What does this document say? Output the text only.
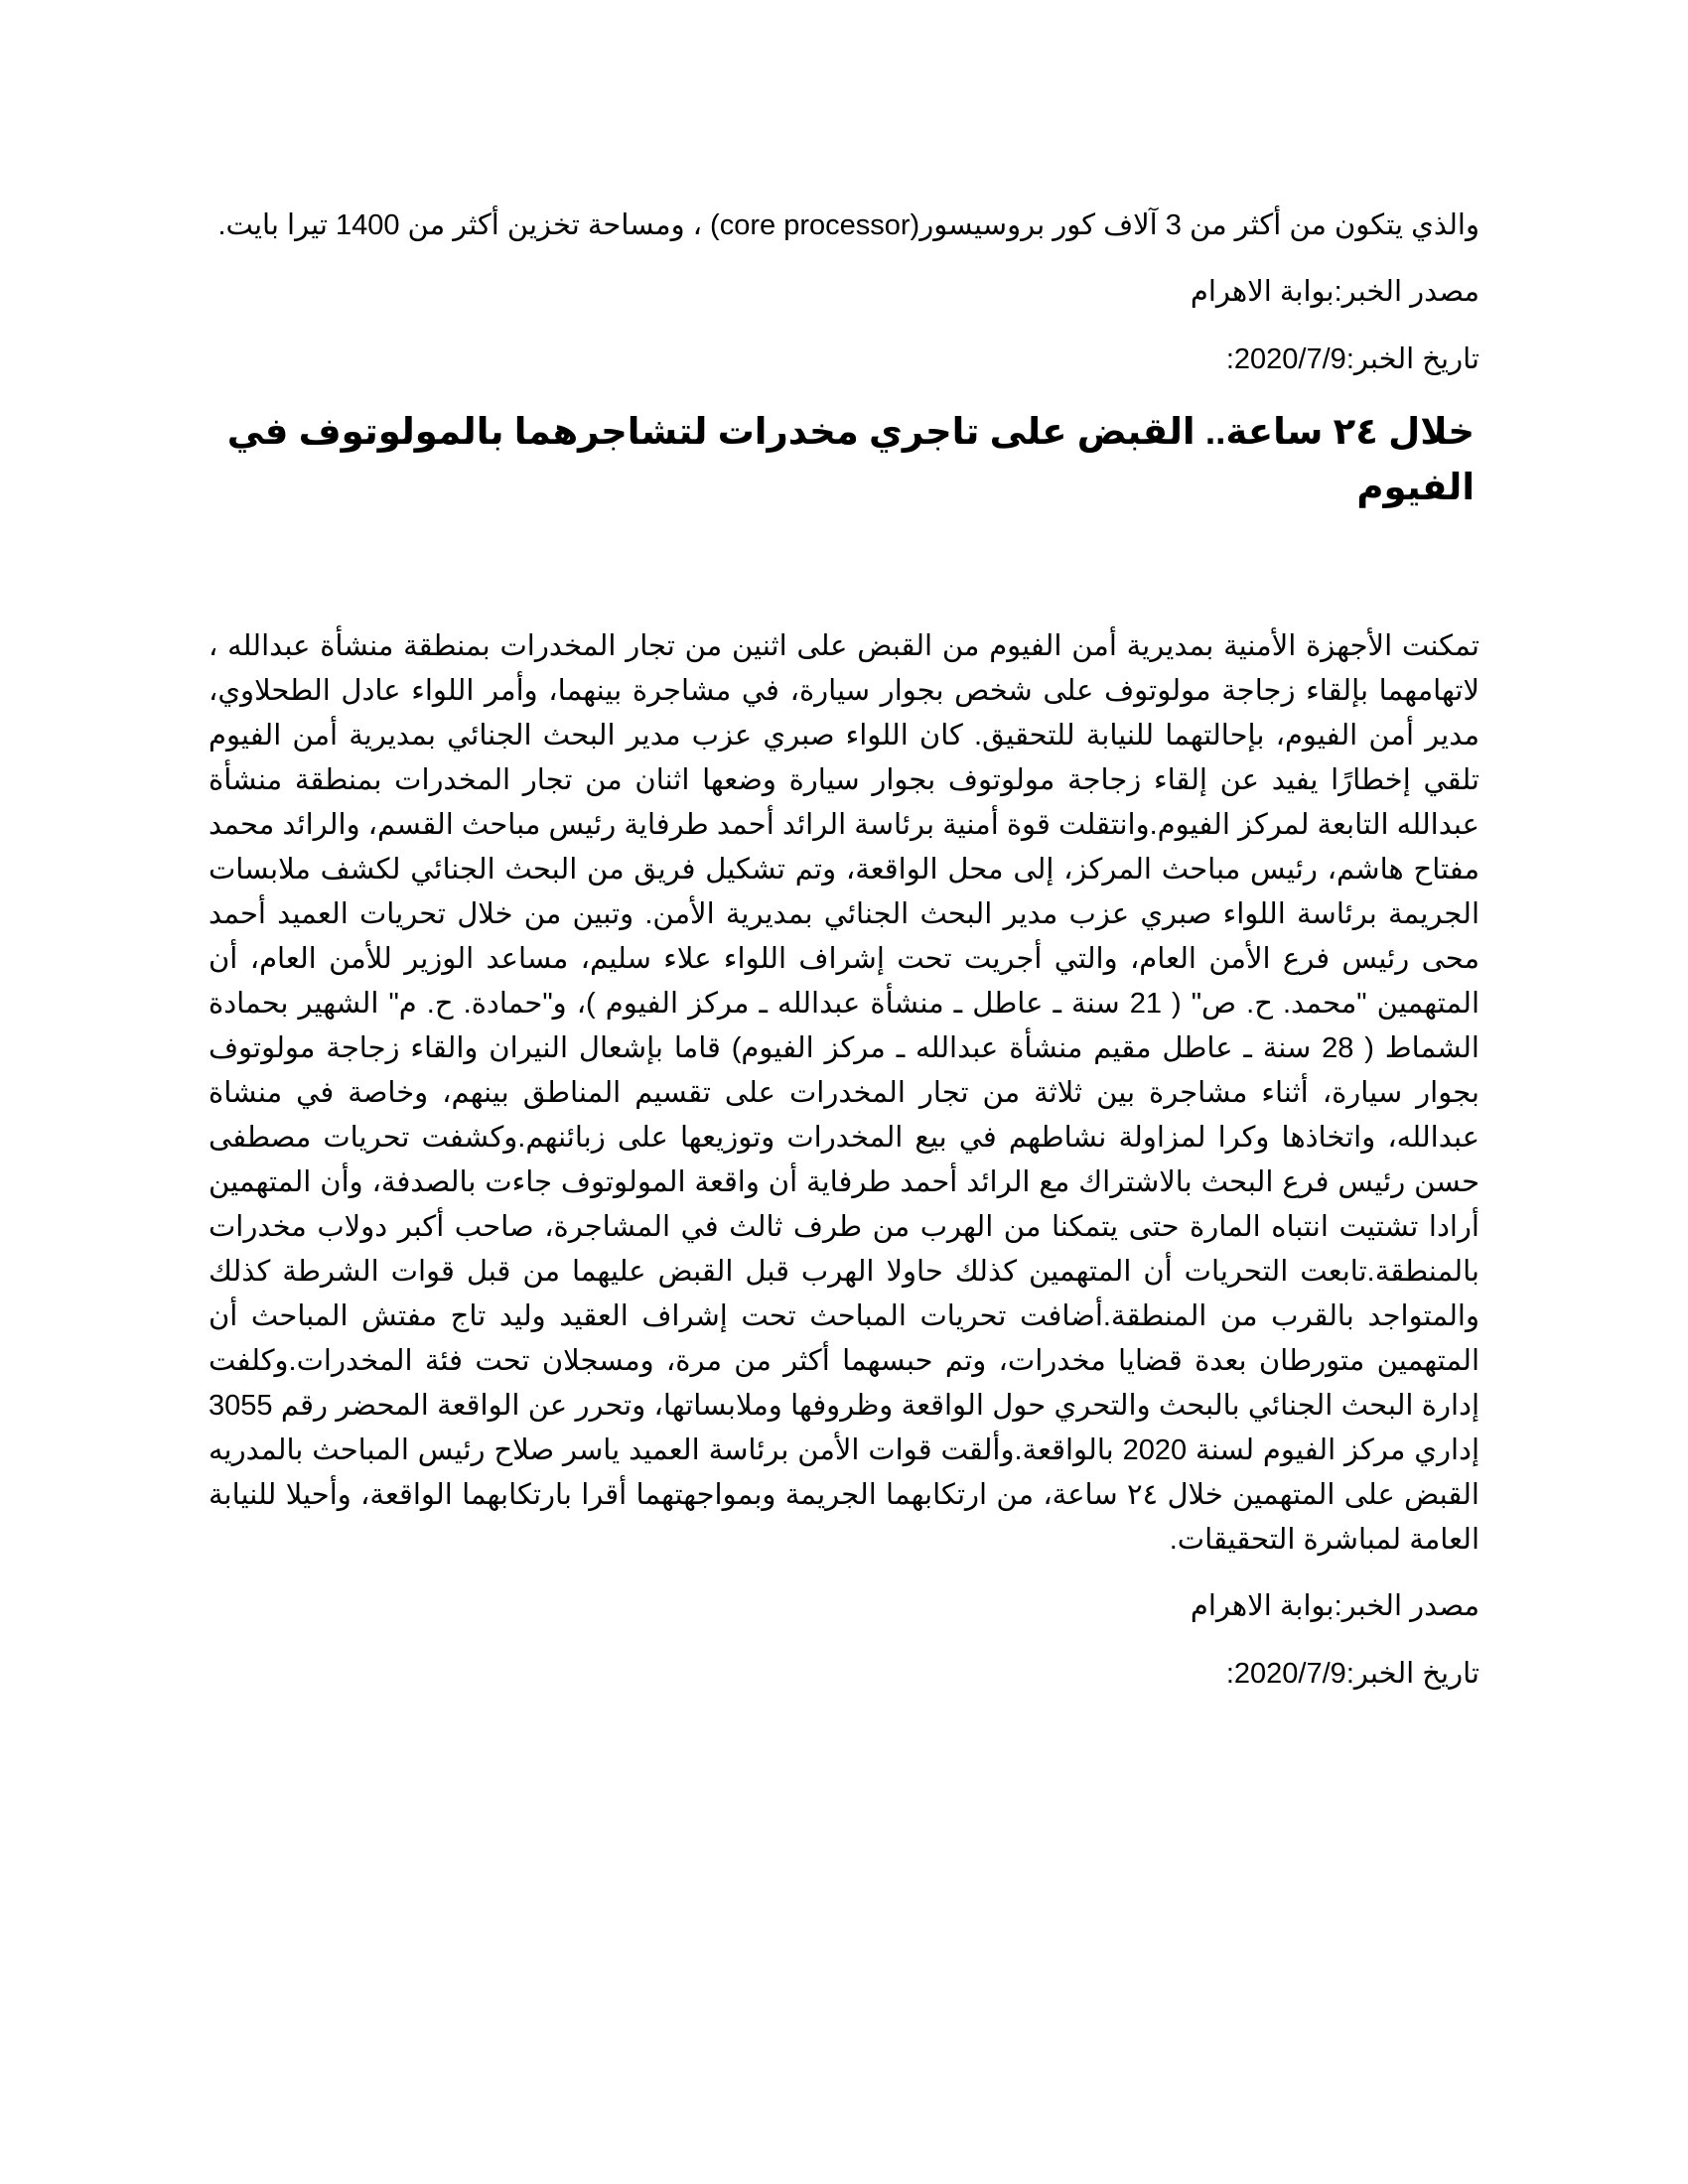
والذي يتكون من أكثر من 3 آلاف كور بروسيسور(core processor) ، ومساحة تخزين أكثر من 1400 تيرا بايت.

مصدر الخبر:بوابة الاهرام

تاريخ الخبر:2020/7/9:

خلال ٢٤ ساعة.. القبض على تاجري مخدرات لتشاجرهما بالمولوتوف في الفيوم

تمكنت الأجهزة الأمنية بمديرية أمن الفيوم من القبض على اثنين من تجار المخدرات بمنطقة منشأة عبدالله ، لاتهامهما بإلقاء زجاجة مولوتوف على شخص بجوار سيارة، في مشاجرة بينهما، وأمر اللواء عادل الطحلاوي، مدير أمن الفيوم، بإحالتهما للنيابة للتحقيق. كان اللواء صبري عزب مدير البحث الجنائي بمديرية أمن الفيوم تلقي إخطارًا يفيد عن إلقاء زجاجة مولوتوف بجوار سيارة وضعها اثنان من تجار المخدرات بمنطقة منشأة عبدالله التابعة لمركز الفيوم.وانتقلت قوة أمنية برئاسة الرائد أحمد طرفاية رئيس مباحث القسم، والرائد محمد مفتاح هاشم، رئيس مباحث المركز، إلى محل الواقعة، وتم تشكيل فريق من البحث الجنائي لكشف ملابسات الجريمة برئاسة اللواء صبري عزب مدير البحث الجنائي بمديرية الأمن. وتبين من خلال تحريات العميد أحمد محى رئيس فرع الأمن العام، والتي أجريت تحت إشراف اللواء علاء سليم، مساعد الوزير للأمن العام، أن المتهمين "محمد. ح. ص" ( 21 سنة ـ عاطل ـ منشأة عبدالله ـ مركز الفيوم )، و"حمادة. ح. م" الشهير بحمادة الشماط ( 28 سنة ـ عاطل مقيم منشأة عبدالله ـ مركز الفيوم) قاما بإشعال النيران والقاء زجاجة مولوتوف بجوار سيارة، أثناء مشاجرة بين ثلاثة من تجار المخدرات على تقسيم المناطق بينهم، وخاصة في منشاة عبدالله، واتخاذها وكرا لمزاولة نشاطهم في بيع المخدرات وتوزيعها على زبائنهم.وكشفت تحريات مصطفى حسن رئيس فرع البحث بالاشتراك مع الرائد أحمد طرفاية أن واقعة المولوتوف جاءت بالصدفة، وأن المتهمين أرادا تشتيت انتباه المارة حتى يتمكنا من الهرب من طرف ثالث في المشاجرة، صاحب أكبر دولاب مخدرات بالمنطقة.تابعت التحريات أن المتهمين كذلك حاولا الهرب قبل القبض عليهما من قبل قوات الشرطة كذلك والمتواجد بالقرب من المنطقة.أضافت تحريات المباحث تحت إشراف العقيد وليد تاج مفتش المباحث أن المتهمين متورطان بعدة قضايا مخدرات، وتم حبسهما أكثر من مرة، ومسجلان تحت فئة المخدرات.وكلفت إدارة البحث الجنائي بالبحث والتحري حول الواقعة وظروفها وملابساتها، وتحرر عن الواقعة المحضر رقم 3055 إداري مركز الفيوم لسنة 2020 بالواقعة.وألقت قوات الأمن برئاسة العميد ياسر صلاح رئيس المباحث بالمدريه القبض على المتهمين خلال ٢٤ ساعة، من ارتكابهما الجريمة وبمواجهتهما أقرا بارتكابهما الواقعة، وأحيلا للنيابة العامة لمباشرة التحقيقات.

مصدر الخبر:بوابة الاهرام

تاريخ الخبر:2020/7/9:
